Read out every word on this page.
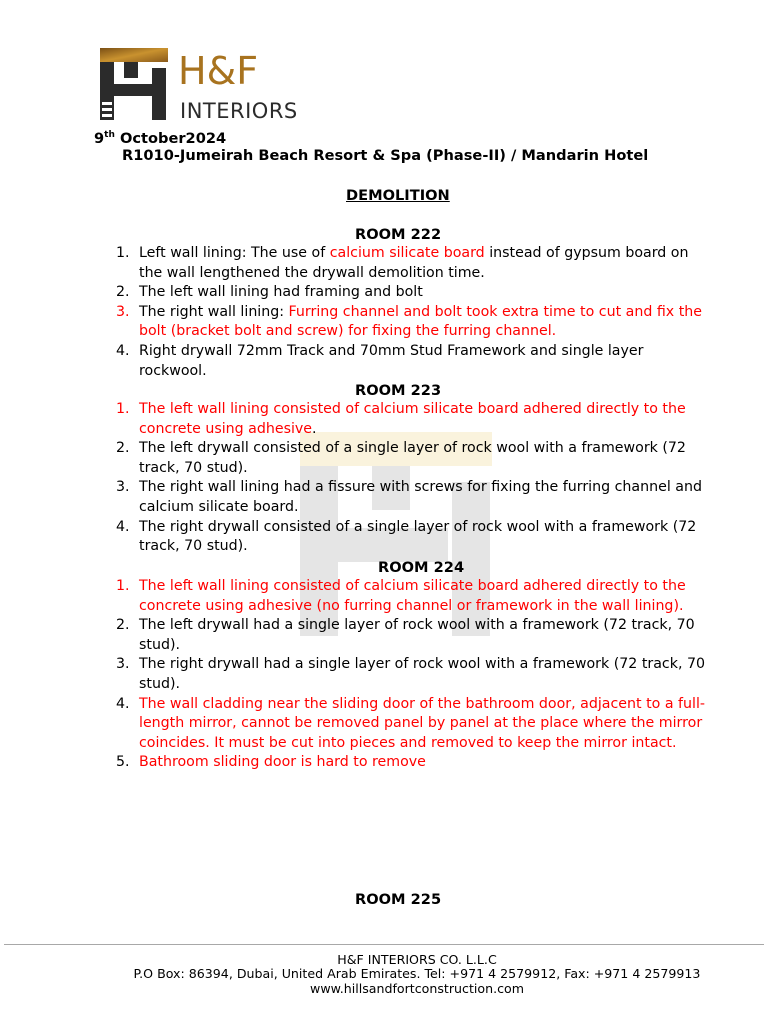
H&F
INTERIORS
9th October2024
R1010-Jumeirah Beach Resort & Spa (Phase-II) / Mandarin Hotel
DEMOLITION
ROOM 222
1. Left wall lining: The use of calcium silicate board instead of gypsum board on the wall lengthened the drywall demolition time.
2. The left wall lining had framing and bolt
3. The right wall lining: Furring channel and bolt took extra time to cut and fix the bolt (bracket bolt and screw) for fixing the furring channel.
4. Right drywall 72mm Track and 70mm Stud Framework and single layer rockwool.
ROOM 223
1. The left wall lining consisted of calcium silicate board adhered directly to the concrete using adhesive.
2. The left drywall consisted of a single layer of rock wool with a framework (72 track, 70 stud).
3. The right wall lining had a fissure with screws for fixing the furring channel and calcium silicate board.
4. The right drywall consisted of a single layer of rock wool with a framework (72 track, 70 stud).
ROOM 224
1. The left wall lining consisted of calcium silicate board adhered directly to the concrete using adhesive (no furring channel or framework in the wall lining).
2. The left drywall had a single layer of rock wool with a framework (72 track, 70 stud).
3. The right drywall had a single layer of rock wool with a framework (72 track, 70 stud).
4. The wall cladding near the sliding door of the bathroom door, adjacent to a full-length mirror, cannot be removed panel by panel at the place where the mirror coincides. It must be cut into pieces and removed to keep the mirror intact.
5. Bathroom sliding door is hard to remove
ROOM 225
H&F INTERIORS CO. L.L.C
P.O Box: 86394, Dubai, United Arab Emirates. Tel: +971 4 2579912, Fax: +971 4 2579913
www.hillsandfortconstruction.com
